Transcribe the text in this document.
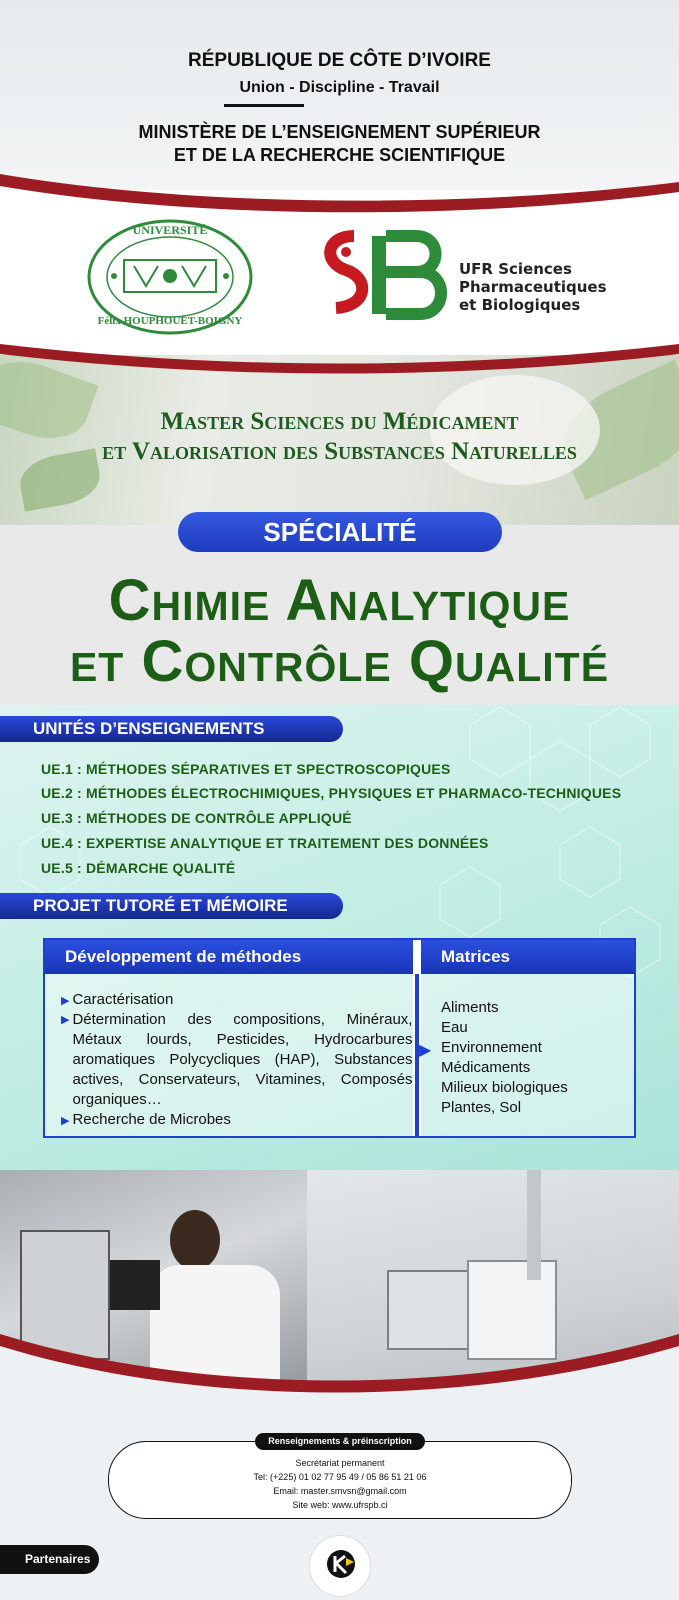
RÉPUBLIQUE DE CÔTE D’IVOIRE
Union - Discipline - Travail
MINISTÈRE DE L’ENSEIGNEMENT SUPÉRIEUR
ET DE LA RECHERCHE SCIENTIFIQUE
UNIVERSITÉ
Félix HOUPHOUËT-BOIGNY
UFR Sciences
Pharmaceutiques
et Biologiques
Master Sciences du Médicament
et Valorisation des Substances Naturelles
SPÉCIALITÉ
Chimie Analytique
et Contrôle Qualité
UNITÉS D’ENSEIGNEMENTS
UE.1 : MÉTHODES SÉPARATIVES ET SPECTROSCOPIQUES
UE.2 : MÉTHODES ÉLECTROCHIMIQUES, PHYSIQUES ET PHARMACO-TECHNIQUES
UE.3 : MÉTHODES DE CONTRÔLE APPLIQUÉ
UE.4 : EXPERTISE ANALYTIQUE ET TRAITEMENT DES DONNÉES
UE.5 : DÉMARCHE QUALITÉ
PROJET TUTORÉ ET MÉMOIRE
Développement de méthodes	Matrices
▶ Caractérisation
▶ Détermination des compositions, Minéraux, Métaux lourds, Pesticides, Hydrocarbures aromatiques Polycycliques (HAP), Substances actives, Conservateurs, Vitamines, Composés organiques…
▶ Recherche de Microbes
▶
Aliments
Eau
Environnement
Médicaments
Milieux biologiques
Plantes, Sol
Renseignements & préinscription
Secrétariat permanent
Tel: (+225) 01 02 77 95 49 / 05 86 51 21 06
Email: master.smvsn@gmail.com
Site web: www.ufrspb.ci
Partenaires
